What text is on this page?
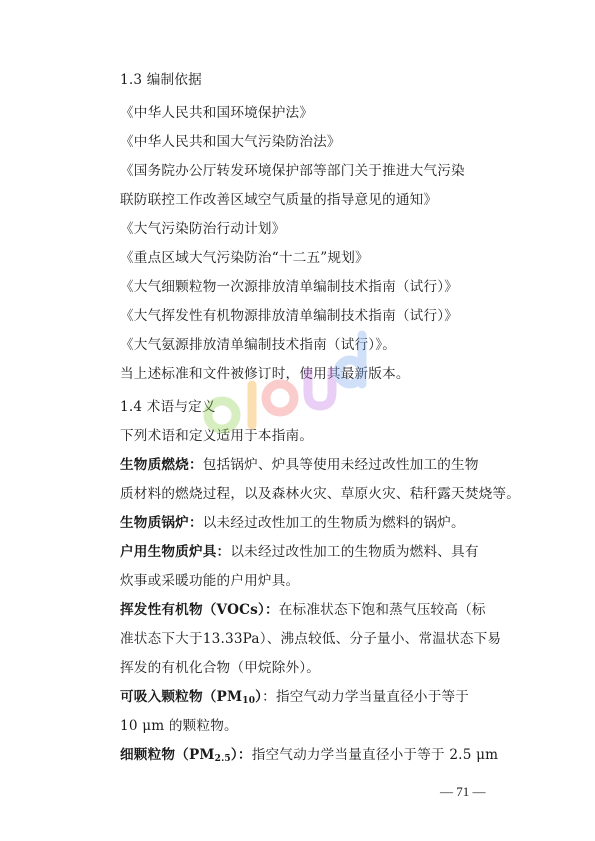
1.3 编制依据
《中华人民共和国环境保护法》
《中华人民共和国大气污染防治法》
《国务院办公厅转发环境保护部等部门关于推进大气污染
联防联控工作改善区域空气质量的指导意见的通知》
《大气污染防治行动计划》
《重点区域大气污染防治“十二五”规划》
《大气细颗粒物一次源排放清单编制技术指南（试行）》
《大气挥发性有机物源排放清单编制技术指南（试行）》
《大气氨源排放清单编制技术指南（试行）》。
当上述标准和文件被修订时，使用其最新版本。
1.4 术语与定义
下列术语和定义适用于本指南。
生物质燃烧：包括锅炉、炉具等使用未经过改性加工的生物
质材料的燃烧过程，以及森林火灾、草原火灾、秸秆露天焚烧等。
生物质锅炉：以未经过改性加工的生物质为燃料的锅炉。
户用生物质炉具：以未经过改性加工的生物质为燃料、具有
炊事或采暖功能的户用炉具。
挥发性有机物（VOCs）：在标准状态下饱和蒸气压较高（标
准状态下大于13.33Pa）、沸点较低、分子量小、常温状态下易
挥发的有机化合物（甲烷除外）。
可吸入颗粒物$(PM_{10})$：指空气动力学当量直径小于等于
10 μm 的颗粒物。
细颗粒物$(PM_{2.5})$：指空气动力学当量直径小于等于 2.5 μm
— 71 —
